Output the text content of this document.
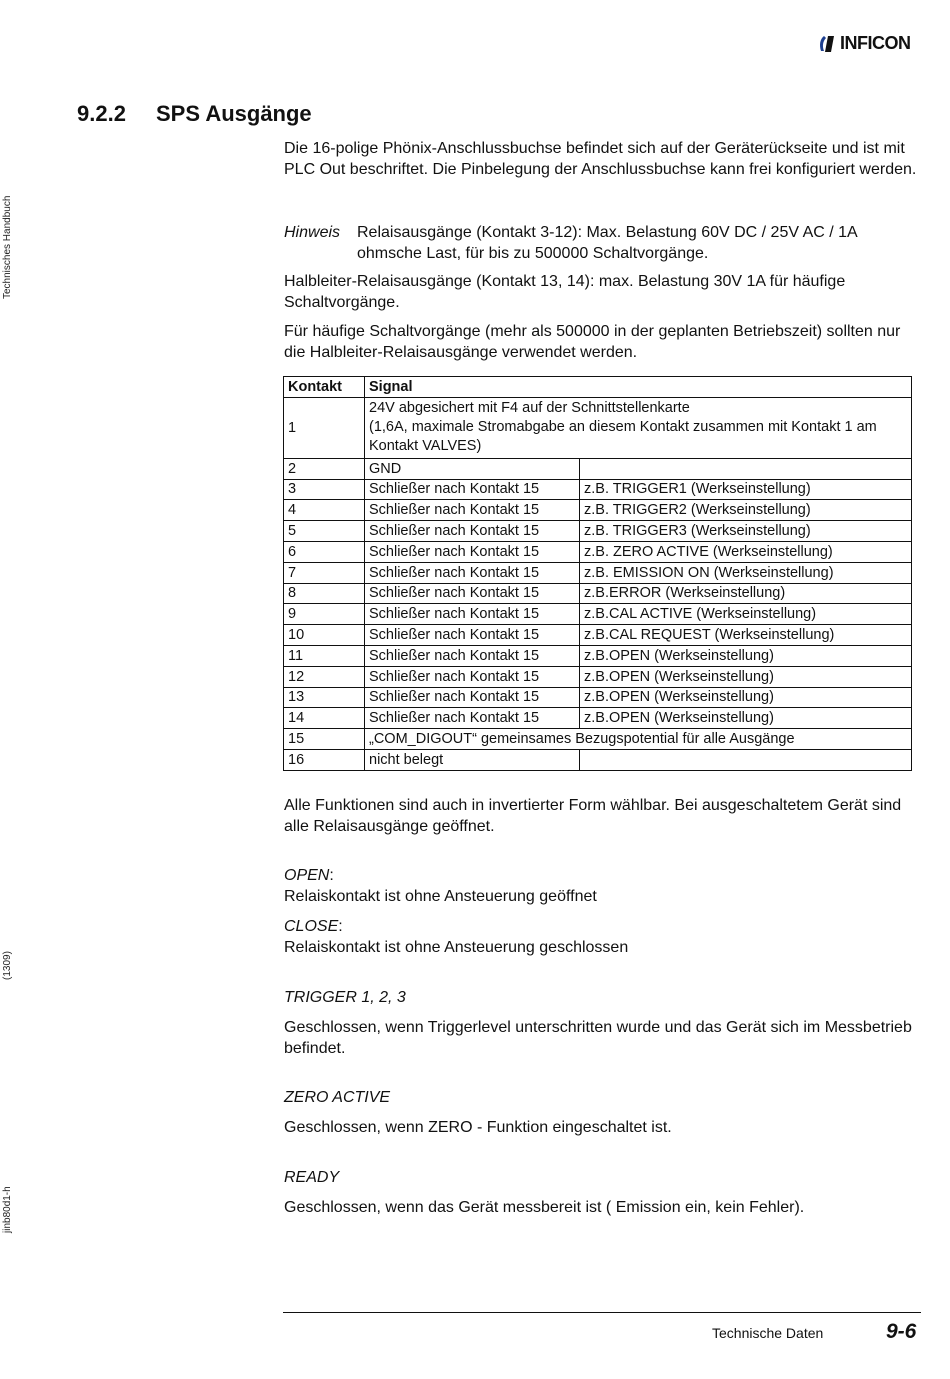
INFICON
Technisches Handbuch
(1309)
jinb80d1-h
9.2.2 SPS Ausgänge
Die 16-polige Phönix-Anschlussbuchse befindet sich auf der Geräterückseite und ist mit PLC Out beschriftet. Die Pinbelegung der Anschlussbuchse kann frei konfiguriert werden.
Hinweis Relaisausgänge (Kontakt 3-12): Max. Belastung 60V DC / 25V AC / 1A ohmsche Last, für bis zu 500000 Schaltvorgänge.
Halbleiter-Relaisausgänge (Kontakt 13, 14): max. Belastung 30V 1A für häufige Schaltvorgänge.
Für häufige Schaltvorgänge (mehr als 500000 in der geplanten Betriebszeit) sollten nur die Halbleiter-Relaisausgänge verwendet werden.
Kontakt	Signal	
1	24V abgesichert mit F4 auf der Schnittstellenkarte
(1,6A, maximale Stromabgabe an diesem Kontakt zusammen mit Kontakt 1 am
Kontakt VALVES)	

2	GND	
3	Schließer nach Kontakt 15	z.B. TRIGGER1 (Werkseinstellung)
4	Schließer nach Kontakt 15	z.B. TRIGGER2 (Werkseinstellung)
5	Schließer nach Kontakt 15	z.B. TRIGGER3 (Werkseinstellung)
6	Schließer nach Kontakt 15	z.B. ZERO ACTIVE (Werkseinstellung)
7	Schließer nach Kontakt 15	z.B. EMISSION ON (Werkseinstellung)
8	Schließer nach Kontakt 15	z.B.ERROR (Werkseinstellung)
9	Schließer nach Kontakt 15	z.B.CAL ACTIVE (Werkseinstellung)
10	Schließer nach Kontakt 15	z.B.CAL REQUEST (Werkseinstellung)
11	Schließer nach Kontakt 15	z.B.OPEN (Werkseinstellung)
12	Schließer nach Kontakt 15	z.B.OPEN (Werkseinstellung)
13	Schließer nach Kontakt 15	z.B.OPEN (Werkseinstellung)
14	Schließer nach Kontakt 15	z.B.OPEN (Werkseinstellung)
15	„COM_DIGOUT“ gemeinsames Bezugspotential für alle Ausgänge	
16	nicht belegt	
Alle Funktionen sind auch in invertierter Form wählbar. Bei ausgeschaltetem Gerät sind alle Relaisausgänge geöffnet.
OPEN:
Relaiskontakt ist ohne Ansteuerung geöffnet
CLOSE:
Relaiskontakt ist ohne Ansteuerung geschlossen
TRIGGER 1, 2, 3
Geschlossen, wenn Triggerlevel unterschritten wurde und das Gerät sich im Messbetrieb befindet.
ZERO ACTIVE
Geschlossen, wenn ZERO - Funktion eingeschaltet ist.
READY
Geschlossen, wenn das Gerät messbereit ist ( Emission ein, kein Fehler).
Technische Daten	9-6
